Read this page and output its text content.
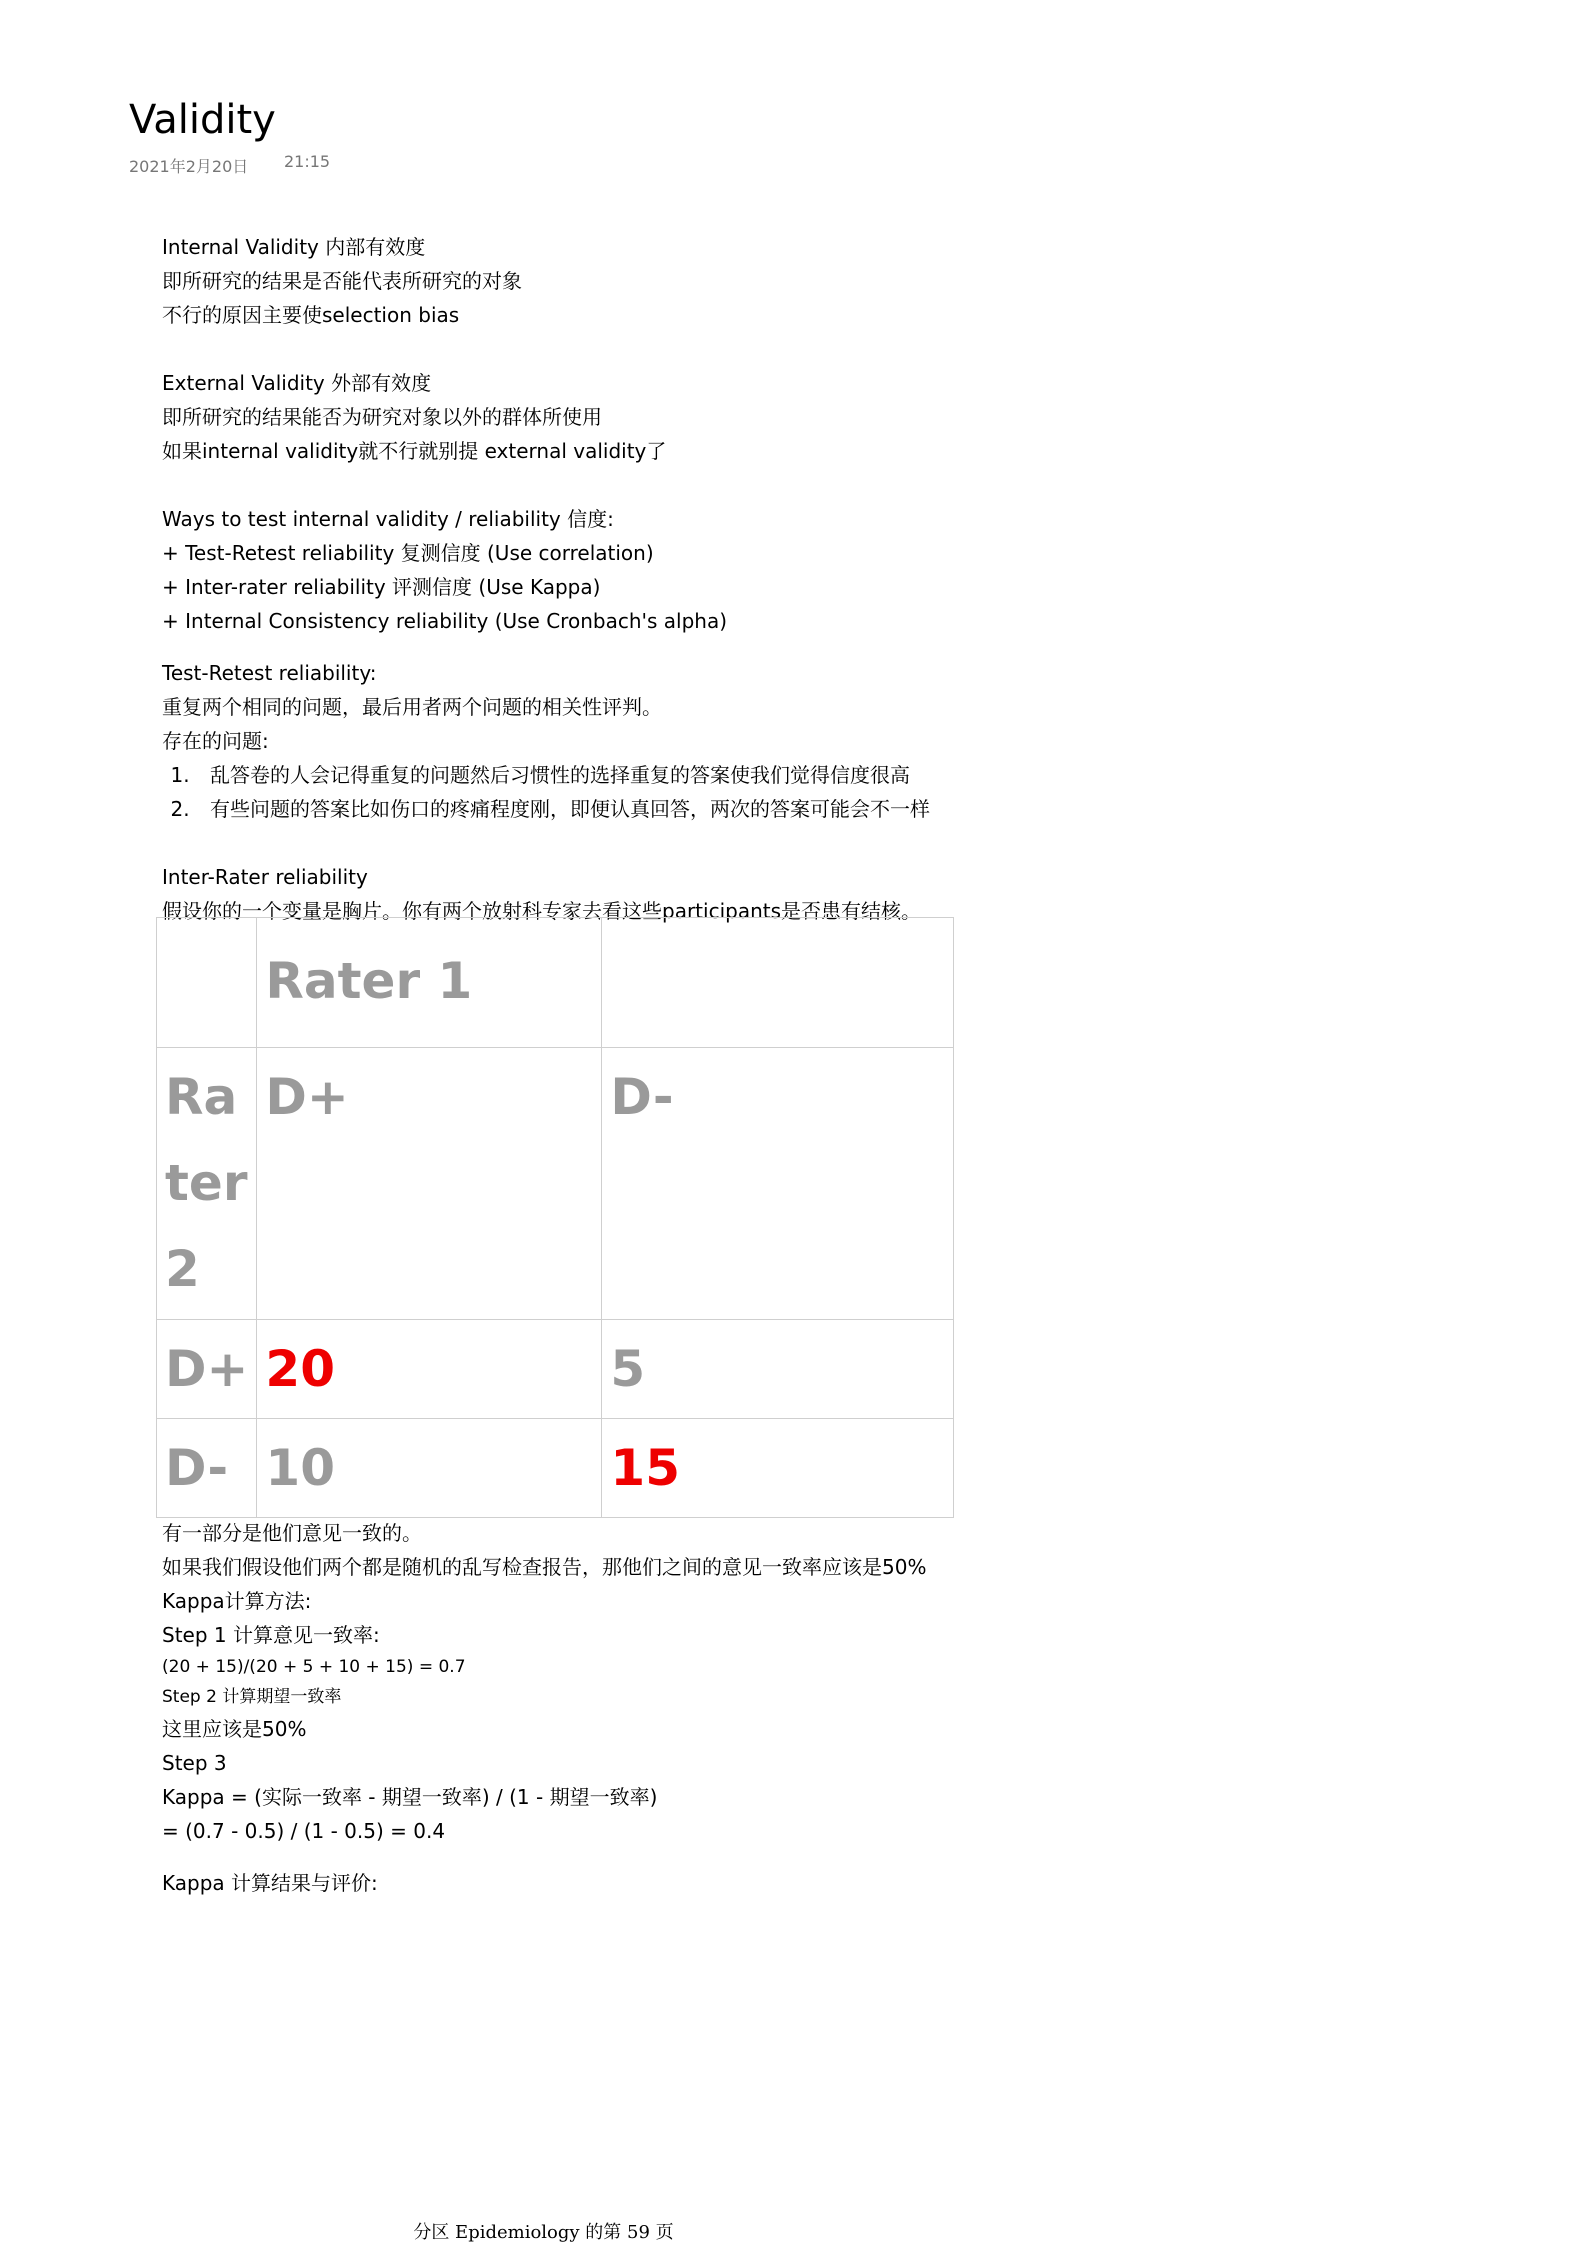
Validity
2021年2月20日 21:15

Internal Validity 内部有效度

即所研究的结果是否能代表所研究的对象

不行的原因主要使selection bias

External Validity 外部有效度

即所研究的结果能否为研究对象以外的群体所使用

如果internal validity就不行就别提 external validity了

Ways to test internal validity / reliability 信度:

+ Test-Retest reliability 复测信度 (Use correlation)

+ Inter-rater reliability 评测信度 (Use Kappa)

+ Internal Consistency reliability (Use Cronbach's alpha)

Test-Retest reliability:

重复两个相同的问题，最后用者两个问题的相关性评判。

存在的问题:

1. 乱答卷的人会记得重复的问题然后习惯性的选择重复的答案使我们觉得信度很高
2. 有些问题的答案比如伤口的疼痛程度刚，即便认真回答，两次的答案可能会不一样

Inter-Rater reliability

假设你的一个变量是胸片。你有两个放射科专家去看这些participants是否患有结核。

	Rater 1	
Rater 2	D+	D-
D+	20	5
D-	10	15

有一部分是他们意见一致的。

如果我们假设他们两个都是随机的乱写检查报告，那他们之间的意见一致率应该是50%

Kappa计算方法:

Step 1 计算意见一致率:

(20 + 15)/(20 + 5 + 10 + 15) = 0.7

Step 2 计算期望一致率

这里应该是50%

Step 3

Kappa = (实际一致率 - 期望一致率) / (1 - 期望一致率)

= (0.7 - 0.5) / (1 - 0.5) = 0.4

Kappa 计算结果与评价:

分区 Epidemiology 的第 59 页
